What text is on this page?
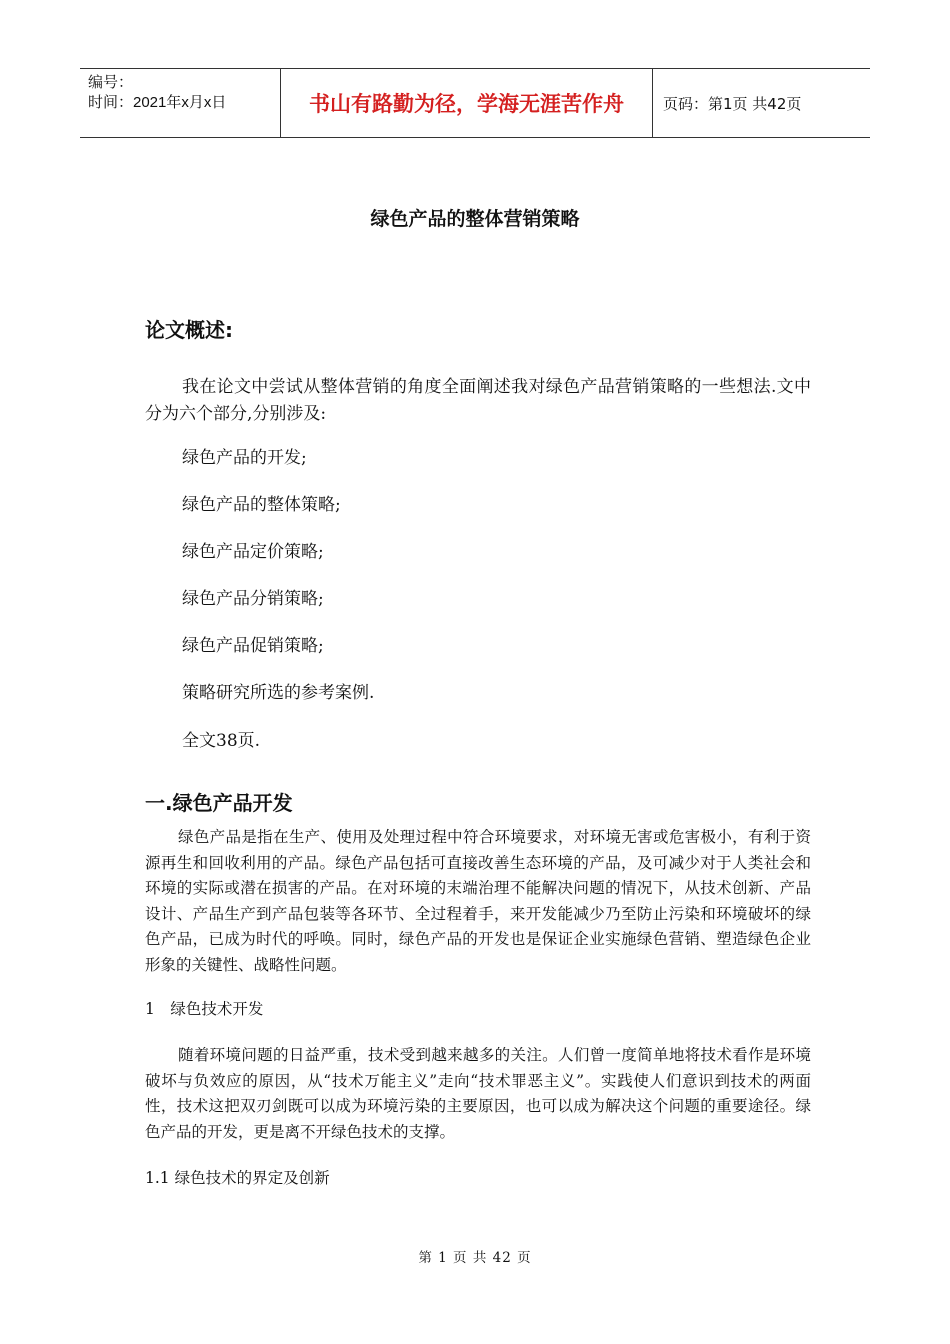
编号：
时间：2021年x月x日	书山有路勤为径，学海无涯苦作舟	页码：第1页 共42页
绿色产品的整体营销策略
论文概述:

我在论文中尝试从整体营销的角度全面阐述我对绿色产品营销策略的一些想法.文中分为六个部分,分别涉及:

绿色产品的开发;
绿色产品的整体策略;
绿色产品定价策略;
绿色产品分销策略;
绿色产品促销策略;
策略研究所选的参考案例.
全文38页.
一.绿色产品开发

绿色产品是指在生产、使用及处理过程中符合环境要求，对环境无害或危害极小，有利于资源再生和回收利用的产品。绿色产品包括可直接改善生态环境的产品，及可减少对于人类社会和环境的实际或潜在损害的产品。在对环境的末端治理不能解决问题的情况下，从技术创新、产品设计、产品生产到产品包装等各环节、全过程着手，来开发能减少乃至防止污染和环境破坏的绿色产品，已成为时代的呼唤。同时，绿色产品的开发也是保证企业实施绿色营销、塑造绿色企业形象的关键性、战略性问题。

1　绿色技术开发

随着环境问题的日益严重，技术受到越来越多的关注。人们曾一度简单地将技术看作是环境破坏与负效应的原因，从“技术万能主义”走向“技术罪恶主义”。实践使人们意识到技术的两面性，技术这把双刃剑既可以成为环境污染的主要原因，也可以成为解决这个问题的重要途径。绿色产品的开发，更是离不开绿色技术的支撑。

1.1 绿色技术的界定及创新
第 1 页 共 42 页
